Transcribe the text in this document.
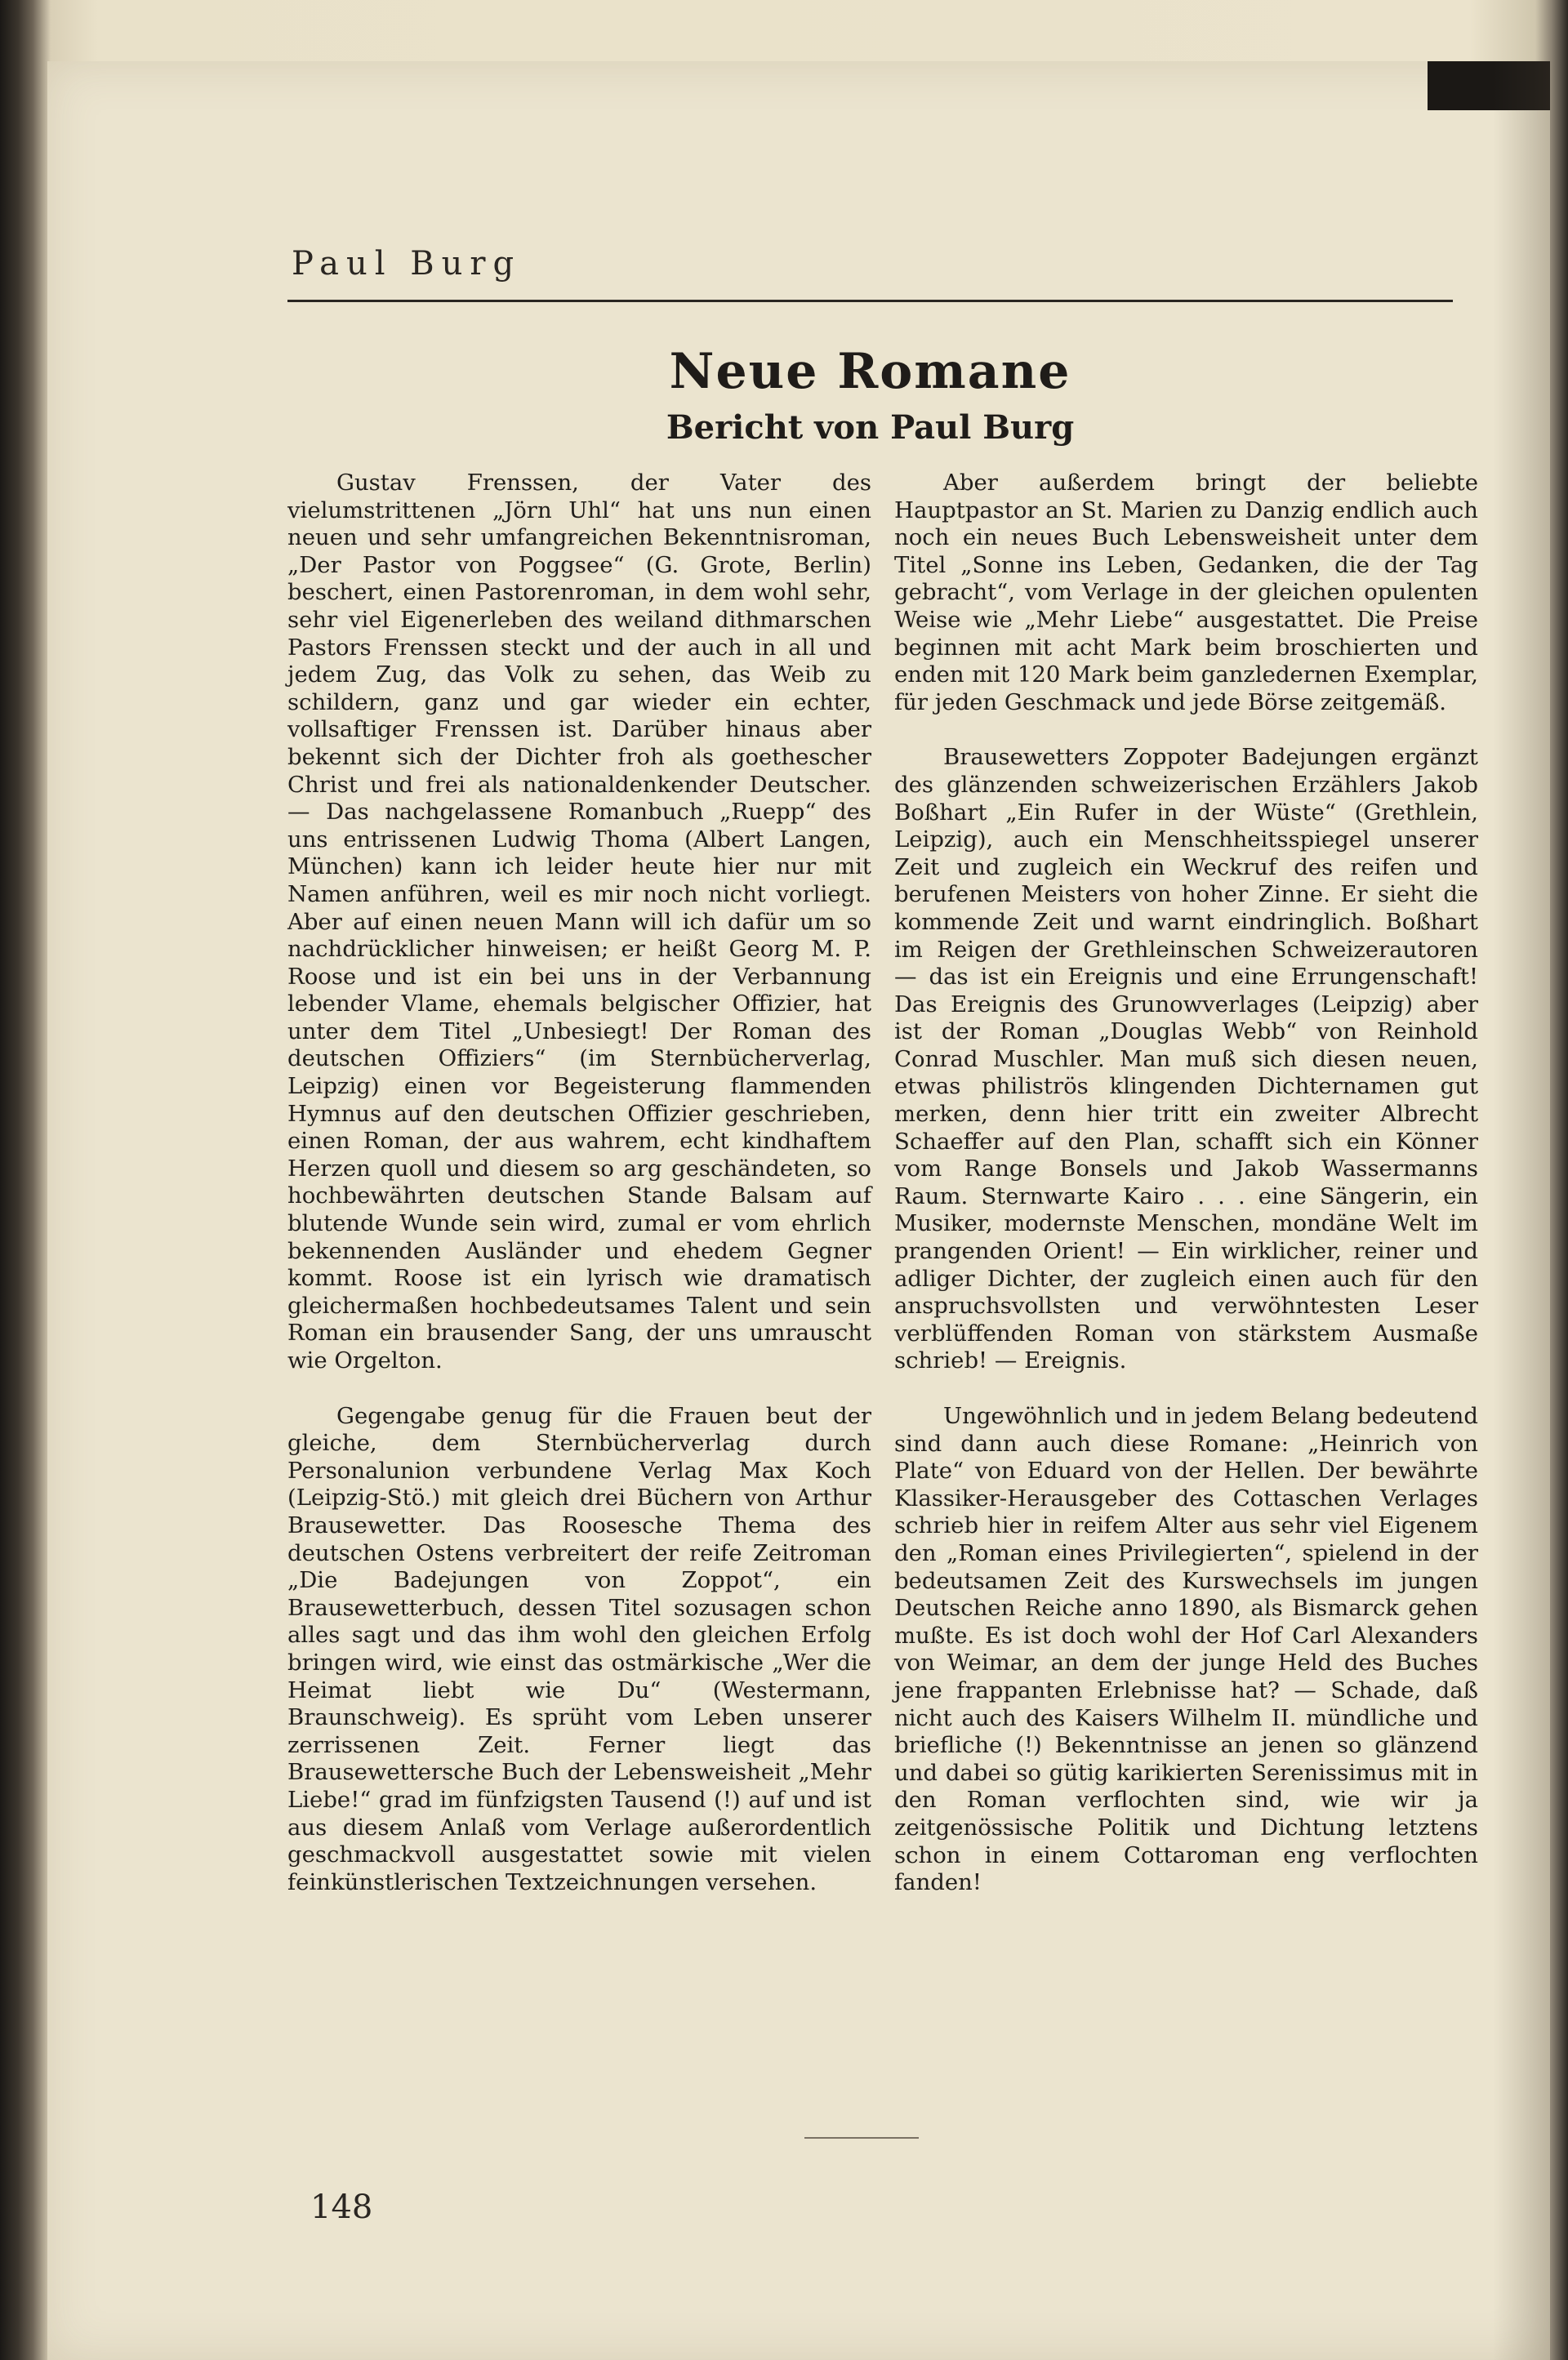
Paul Burg
Neue Romane
Bericht von Paul Burg

Gustav Frenssen, der Vater des vielumstrittenen „Jörn Uhl“ hat uns nun einen neuen und sehr umfangreichen Bekenntnisroman, „Der Pastor von Poggsee“ (G. Grote, Berlin) beschert, einen Pastorenroman, in dem wohl sehr, sehr viel Eigenerleben des weiland dithmarschen Pastors Frenssen steckt und der auch in all und jedem Zug, das Volk zu sehen, das Weib zu schildern, ganz und gar wieder ein echter, vollsaftiger Frenssen ist. Darüber hinaus aber bekennt sich der Dichter froh als goethescher Christ und frei als nationaldenkender Deutscher. — Das nachgelassene Romanbuch „Ruepp“ des uns entrissenen Ludwig Thoma (Albert Langen, München) kann ich leider heute hier nur mit Namen anführen, weil es mir noch nicht vorliegt. Aber auf einen neuen Mann will ich dafür um so nachdrücklicher hinweisen; er heißt Georg M. P. Roose und ist ein bei uns in der Verbannung lebender Vlame, ehemals belgischer Offizier, hat unter dem Titel „Unbesiegt! Der Roman des deutschen Offiziers“ (im Sternbücherverlag, Leipzig) einen vor Begeisterung flammenden Hymnus auf den deutschen Offizier geschrieben, einen Roman, der aus wahrem, echt kindhaftem Herzen quoll und diesem so arg geschändeten, so hochbewährten deutschen Stande Balsam auf blutende Wunde sein wird, zumal er vom ehrlich bekennenden Ausländer und ehedem Gegner kommt. Roose ist ein lyrisch wie dramatisch gleichermaßen hochbedeutsames Talent und sein Roman ein brausender Sang, der uns umrauscht wie Orgelton.

Gegengabe genug für die Frauen beut der gleiche, dem Sternbücherverlag durch Personalunion verbundene Verlag Max Koch (Leipzig-Stö.) mit gleich drei Büchern von Arthur Brausewetter. Das Roosesche Thema des deutschen Ostens verbreitert der reife Zeitroman „Die Badejungen von Zoppot“, ein Brausewetterbuch, dessen Titel sozusagen schon alles sagt und das ihm wohl den gleichen Erfolg bringen wird, wie einst das ostmärkische „Wer die Heimat liebt wie Du“ (Westermann, Braunschweig). Es sprüht vom Leben unserer zerrissenen Zeit. Ferner liegt das Brausewettersche Buch der Lebensweisheit „Mehr Liebe!“ grad im fünfzigsten Tausend (!) auf und ist aus diesem Anlaß vom Verlage außerordentlich geschmackvoll ausgestattet sowie mit vielen feinkünstlerischen Textzeichnungen versehen.

Aber außerdem bringt der beliebte Hauptpastor an St. Marien zu Danzig endlich auch noch ein neues Buch Lebensweisheit unter dem Titel „Sonne ins Leben, Gedanken, die der Tag gebracht“, vom Verlage in der gleichen opulenten Weise wie „Mehr Liebe“ ausgestattet. Die Preise beginnen mit acht Mark beim broschierten und enden mit 120 Mark beim ganzledernen Exemplar, für jeden Geschmack und jede Börse zeitgemäß.

Brausewetters Zoppoter Badejungen ergänzt des glänzenden schweizerischen Erzählers Jakob Boßhart „Ein Rufer in der Wüste“ (Grethlein, Leipzig), auch ein Menschheitsspiegel unserer Zeit und zugleich ein Weckruf des reifen und berufenen Meisters von hoher Zinne. Er sieht die kommende Zeit und warnt eindringlich. Boßhart im Reigen der Grethleinschen Schweizerautoren — das ist ein Ereignis und eine Errungenschaft! Das Ereignis des Grunowverlages (Leipzig) aber ist der Roman „Douglas Webb“ von Reinhold Conrad Muschler. Man muß sich diesen neuen, etwas philiströs klingenden Dichternamen gut merken, denn hier tritt ein zweiter Albrecht Schaeffer auf den Plan, schafft sich ein Könner vom Range Bonsels und Jakob Wassermanns Raum. Sternwarte Kairo . . . eine Sängerin, ein Musiker, modernste Menschen, mondäne Welt im prangenden Orient! — Ein wirklicher, reiner und adliger Dichter, der zugleich einen auch für den anspruchsvollsten und verwöhntesten Leser verblüffenden Roman von stärkstem Ausmaße schrieb! — Ereignis.

Ungewöhnlich und in jedem Belang bedeutend sind dann auch diese Romane: „Heinrich von Plate“ von Eduard von der Hellen. Der bewährte Klassiker-Herausgeber des Cottaschen Verlages schrieb hier in reifem Alter aus sehr viel Eigenem den „Roman eines Privilegierten“, spielend in der bedeutsamen Zeit des Kurswechsels im jungen Deutschen Reiche anno 1890, als Bismarck gehen mußte. Es ist doch wohl der Hof Carl Alexanders von Weimar, an dem der junge Held des Buches jene frappanten Erlebnisse hat? — Schade, daß nicht auch des Kaisers Wilhelm II. mündliche und briefliche (!) Bekenntnisse an jenen so glänzend und dabei so gütig karikierten Serenissimus mit in den Roman verflochten sind, wie wir ja zeitgenössische Politik und Dichtung letztens schon in einem Cottaroman eng verflochten fanden!

148
